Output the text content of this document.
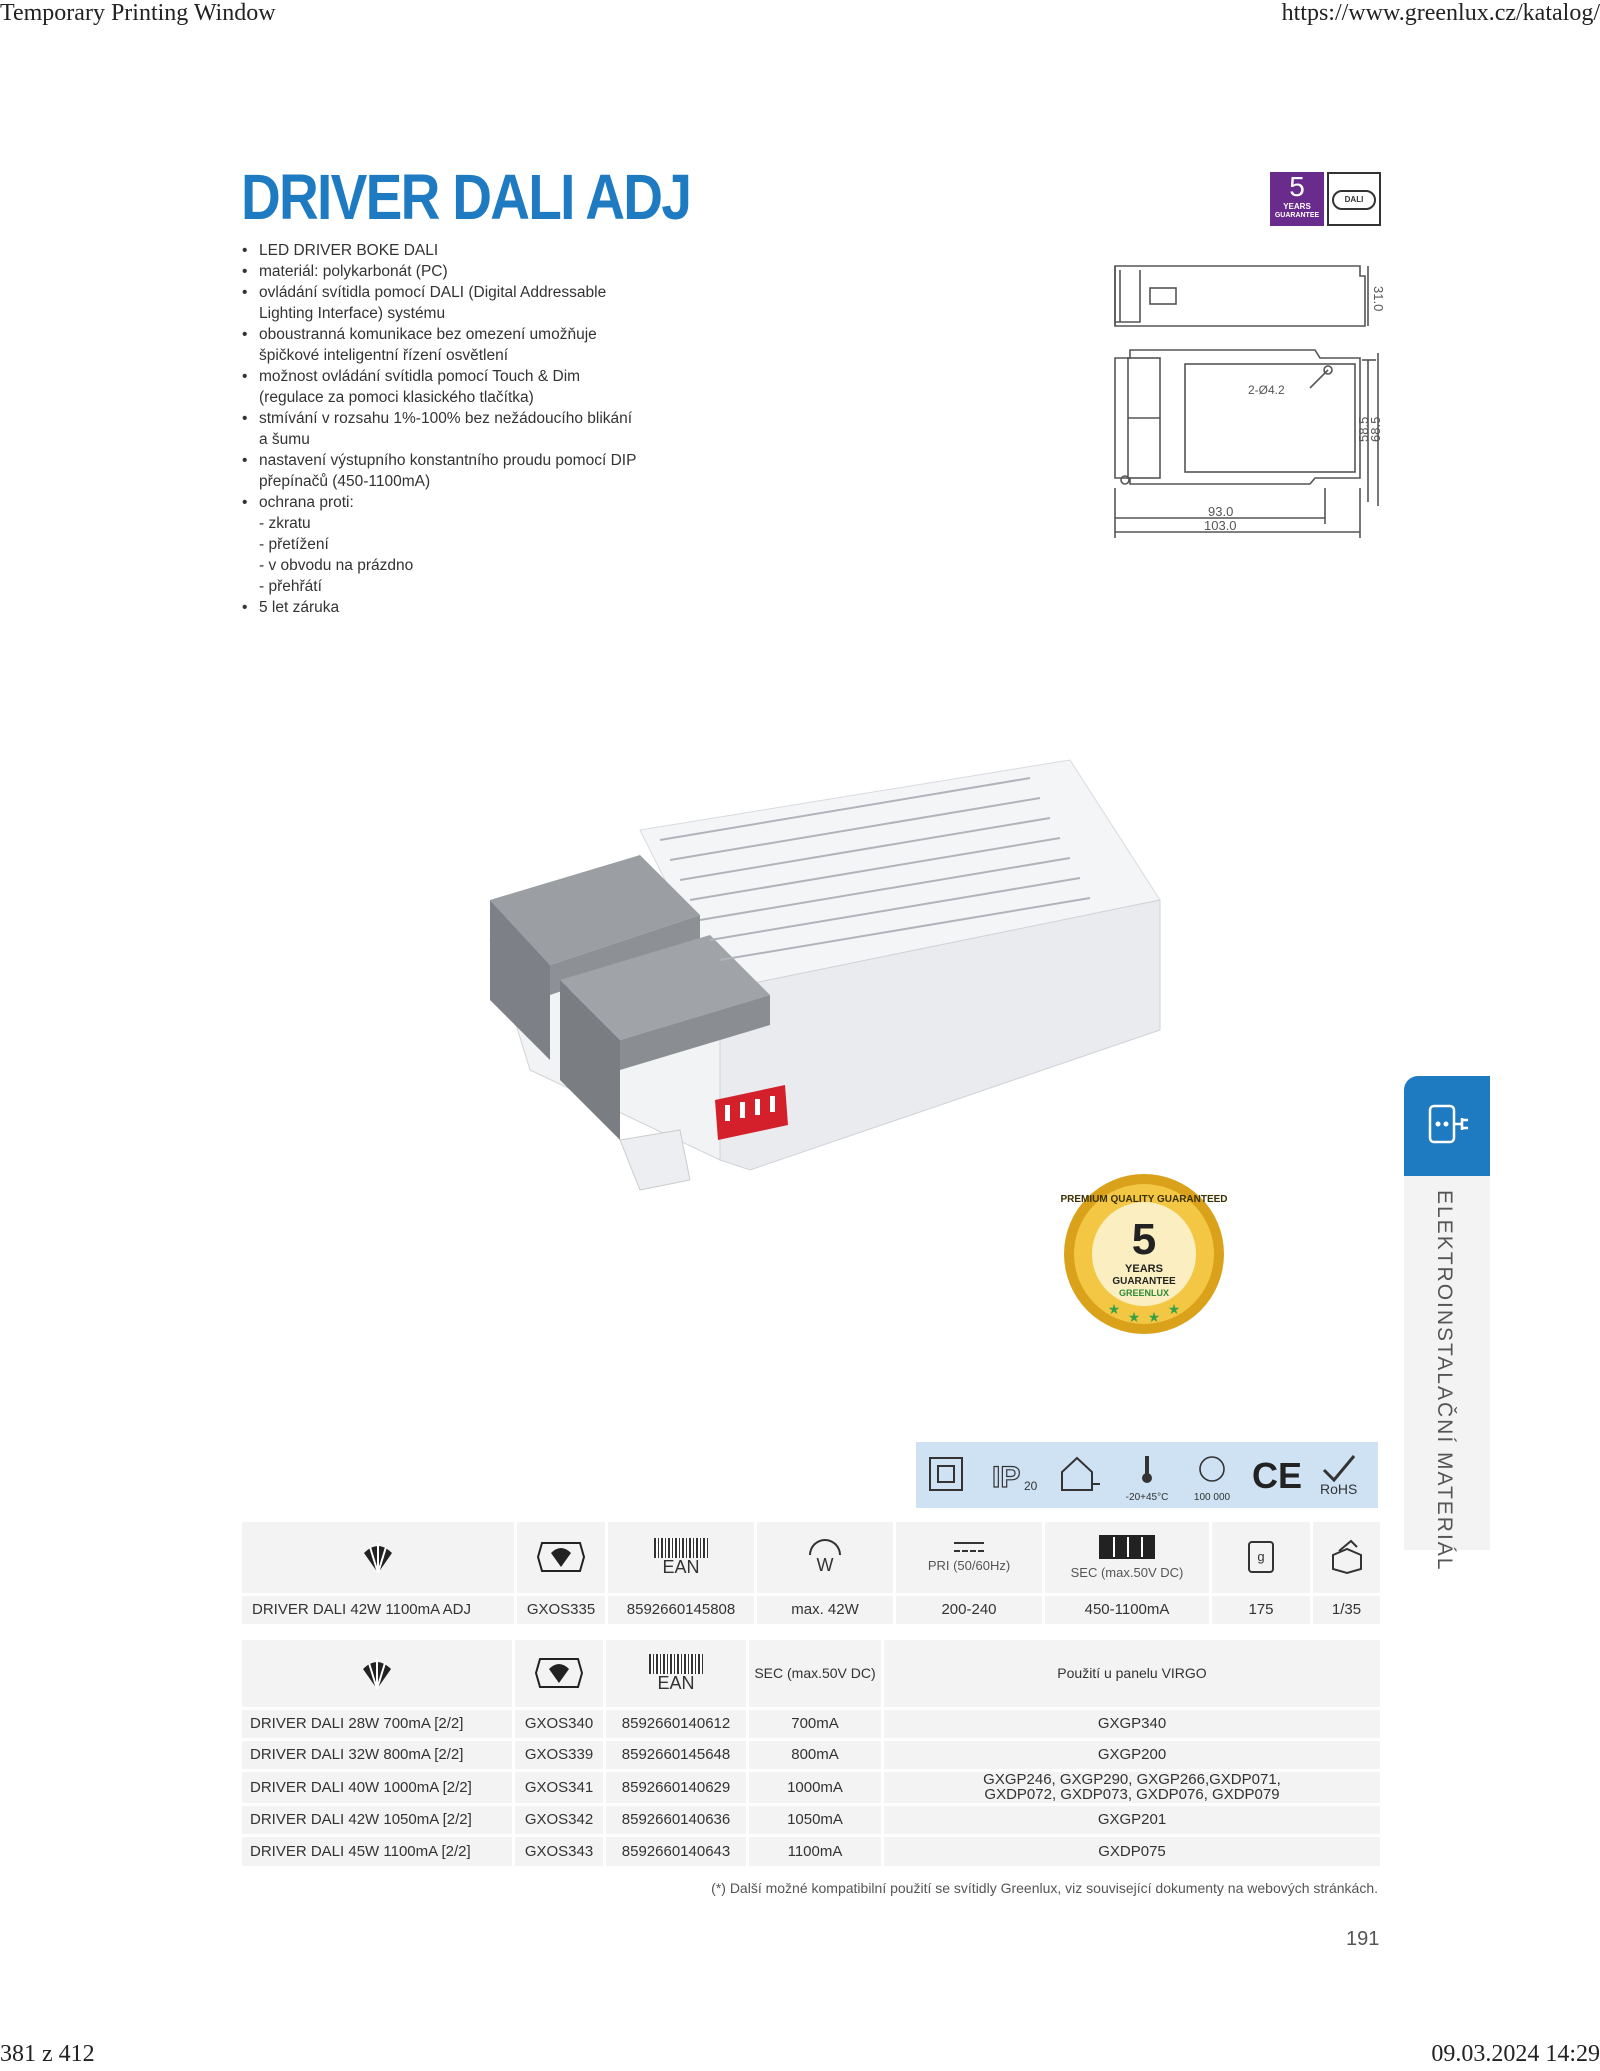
Temporary Printing Window	https://www.greenlux.cz/katalog/
381 z 412	09.03.2024 14:29
DRIVER DALI ADJ
• LED DRIVER BOKE DALI
• materiál: polykarbonát (PC)
• ovládání svítidla pomocí DALI (Digital Addressable Lighting Interface) systému
• oboustranná komunikace bez omezení umožňuje špičkové inteligentní řízení osvětlení
• možnost ovládání svítidla pomocí Touch & Dim (regulace za pomoci klasického tlačítka)
• stmívání v rozsahu 1%-100% bez nežádoucího blikání a šumu
• nastavení výstupního konstantního proudu pomocí DIP přepínačů (450-1100mA)
• ochrana proti:
- zkratu
- přetížení
- v obvodu na prázdno
- přehřátí
• 5 let záruka
5
YEARS
GUARANTEE
DALI
31.0
2-Ø4.2
58.5
68.5
93.0
103.0
PREMIUM QUALITY GUARANTEED
5
YEARS
GUARANTEE
GREENLUX
★ ★ ★ ★
IP 20
-20+45°C	100 000
CE RoHS

EAN	W	PRI (50/60Hz)	SEC (max.50V DC)	g

DRIVER DALI 42W 1100mA ADJ	GXOS335	8592660145808	max. 42W	200-240	450-1100mA	175	1/35

EAN	SEC (max.50V DC)	Použití u panelu VIRGO
DRIVER DALI 28W 700mA [2/2]	GXOS340	8592660140612	700mA	GXGP340

DRIVER DALI 32W 800mA [2/2]	GXOS339	8592660145648	800mA	GXGP200

DRIVER DALI 40W 1000mA [2/2]	GXOS341	8592660140629	1000mA	GXGP246, GXGP290, GXGP266,GXDP071,
GXDP072, GXDP073, GXDP076, GXDP079

DRIVER DALI 42W 1050mA [2/2]	GXOS342	8592660140636	1050mA	GXGP201

DRIVER DALI 45W 1100mA [2/2]	GXOS343	8592660140643	1100mA	GXDP075
(*) Další možné kompatibilní použití se svítidly Greenlux, viz související dokumenty na webových stránkách.
191
ELEKTROINSTALAČNÍ MATERIÁL
